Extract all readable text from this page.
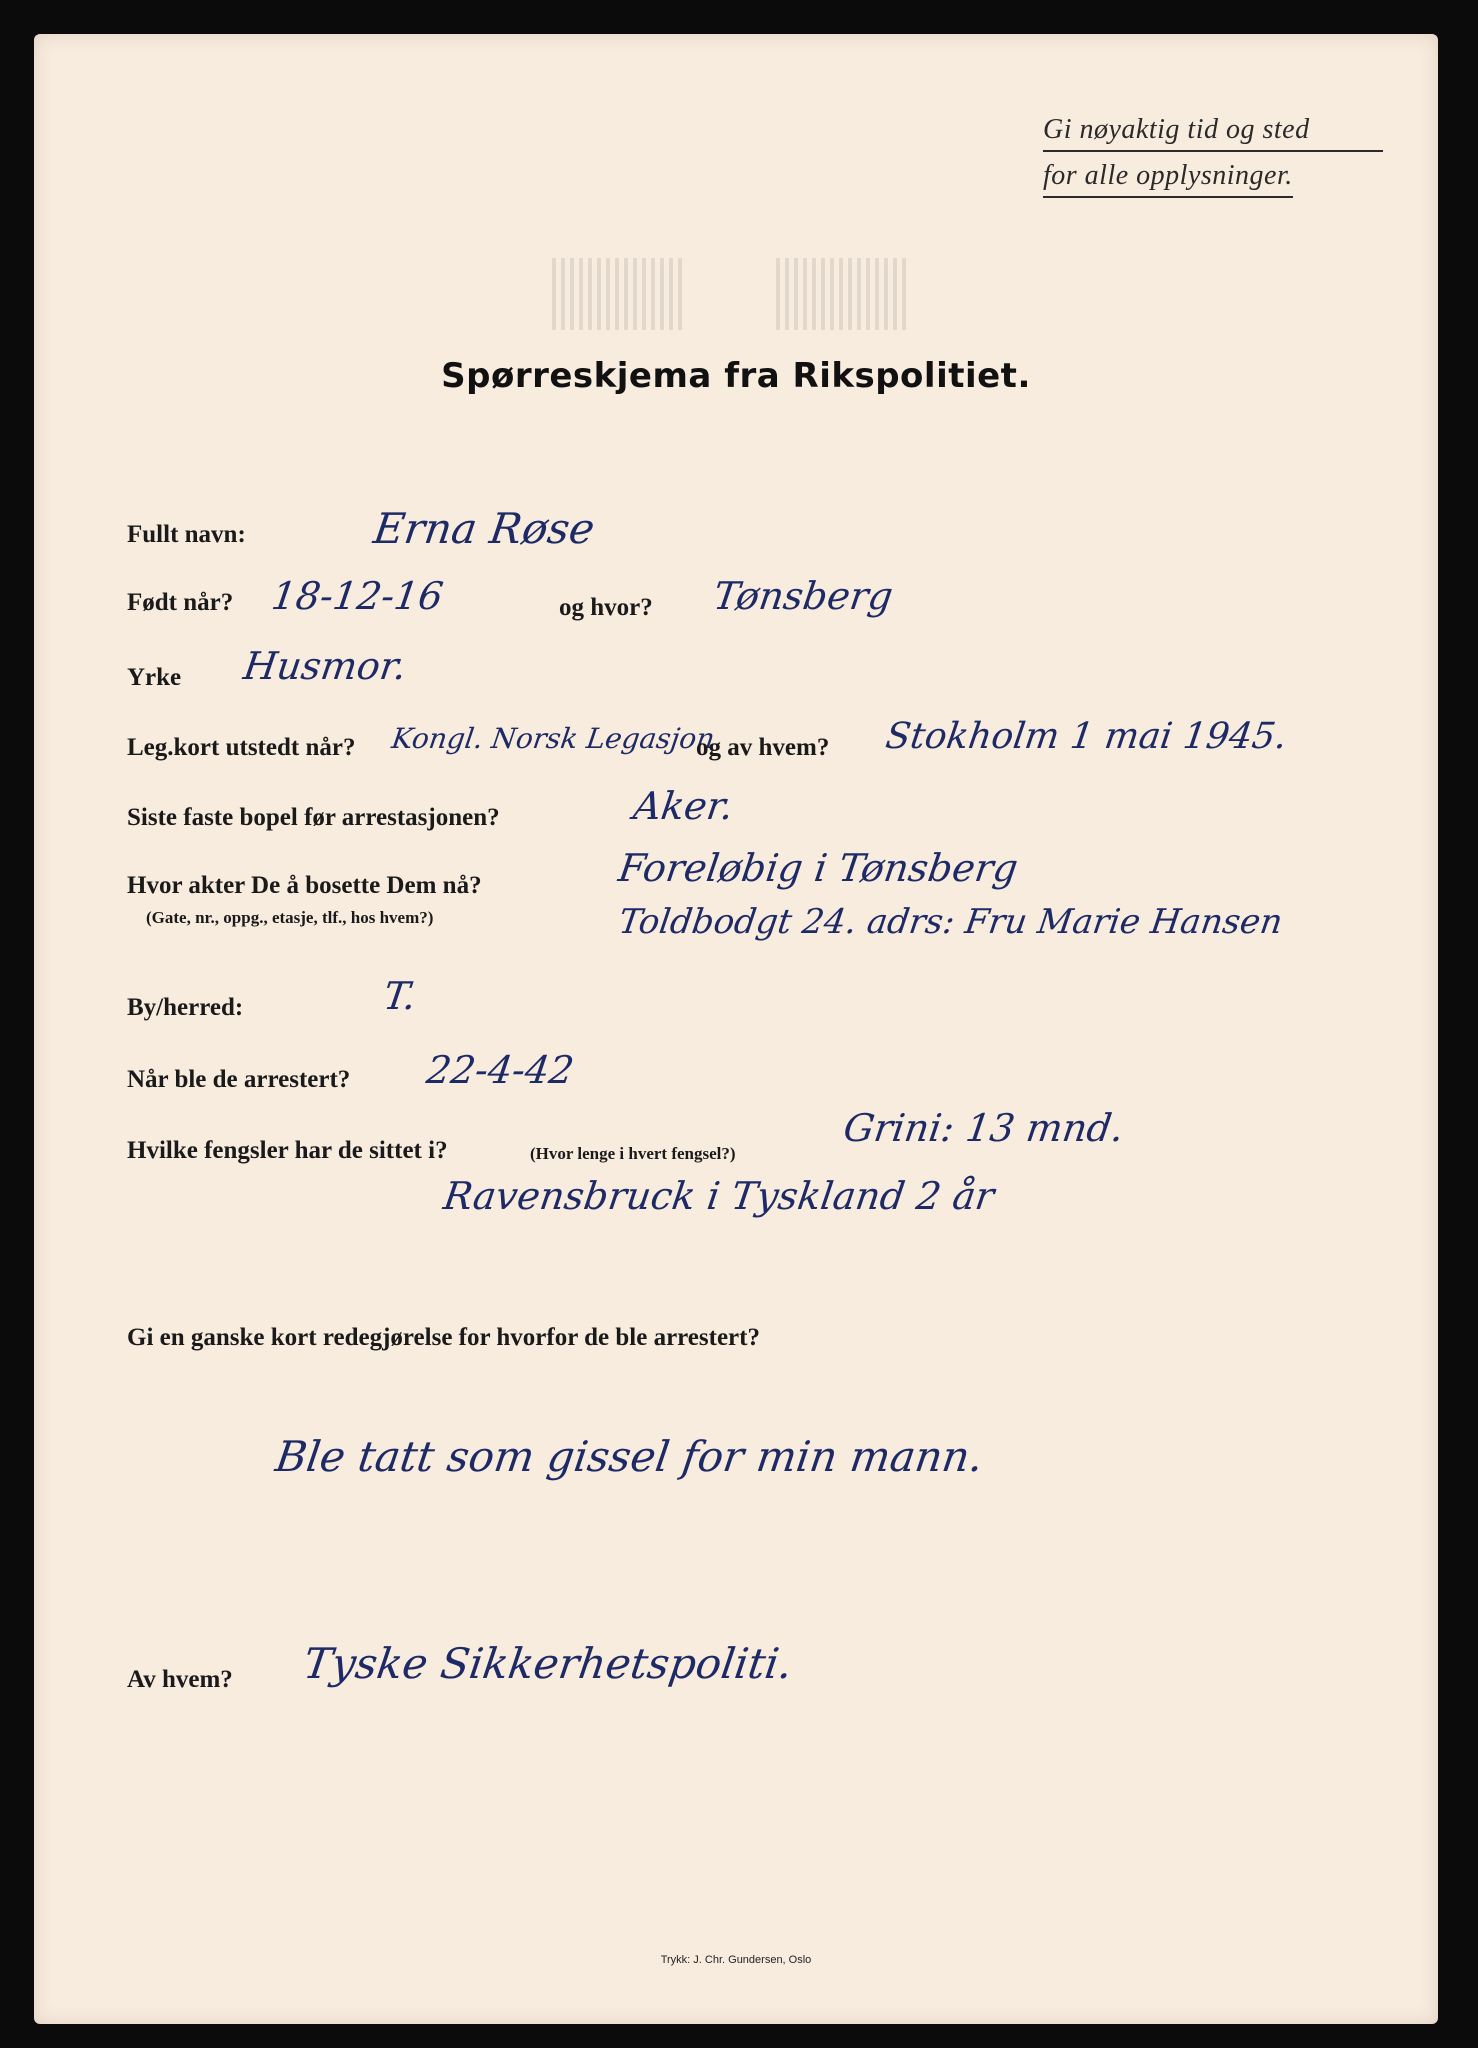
Gi nøyaktig tid og sted
for alle opplysninger.
Spørreskjema fra Rikspolitiet.
Fullt navn:	Erna Røse
Født når? 18-12-16	og hvor? Tønsberg
Yrke Husmor.
Leg.kort utstedt når? Kongl. Norsk Legasjon
og av hvem? Stokholm 1 mai 1945.
Siste faste bopel før arrestasjonen?	Aker.
Hvor akter De å bosette Dem nå?
(Gate, nr., oppg., etasje, tlf., hos hvem?)
Foreløbig i Tønsberg
Toldbodgt 24. adrs: Fru Marie Hansen
By/herred:	T.
Når ble de arrestert? 22-4-42
Hvilke fengsler har de sittet i?	(Hvor lenge i hvert fengsel?)
Grini: 13 mnd.
Ravensbruck i Tyskland 2 år
Gi en ganske kort redegjørelse for hvorfor de ble arrestert?
Ble tatt som gissel for min mann.
Av hvem? Tyske Sikkerhetspoliti.
Trykk: J. Chr. Gundersen, Oslo
